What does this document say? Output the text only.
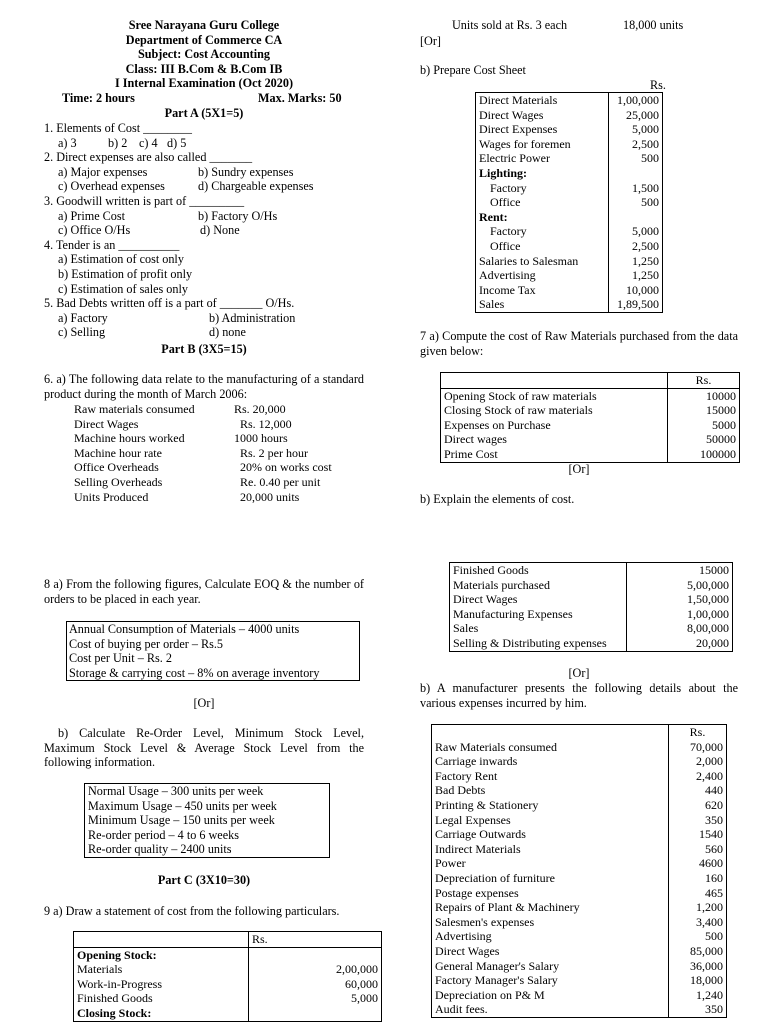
Sree Narayana Guru College

Department of Commerce CA

Subject: Cost Accounting

Class: III B.Com & B.Com IB

I Internal Examination (Oct 2020)

Time: 2 hours	Max. Marks: 50
Part A (5X1=5)

1. Elements of Cost ________

a) 3	b) 2 c) 4 d) 5

2. Direct expenses are also called _______

a) Major expenses	b) Sundry expenses

c) Overhead expenses	d) Chargeable expenses

3. Goodwill written is part of _________

a) Prime Cost	b) Factory O/Hs

c) Office O/Hs	d) None

4. Tender is an __________

a) Estimation of cost only

b) Estimation of profit only

c) Estimation of sales only

5. Bad Debts written off is a part of _______ O/Hs.

a) Factory	b) Administration

c) Selling	d) none

Part B (3X5=15)

6. a) The following data relate to the manufacturing of a standard product during the month of March 2006:

Raw materials consumed	Rs. 20,000
Direct Wages	Rs. 12,000
Machine hours worked	1000 hours
Machine hour rate	Rs. 2 per hour
Office Overheads	20% on works cost
Selling Overheads	Re. 0.40 per unit
Units Produced	20,000 units

8 a) From the following figures, Calculate EOQ & the number of orders to be placed in each year.

Annual Consumption of Materials – 4000 units

Cost of buying per order – Rs.5

Cost per Unit – Rs. 2

Storage & carrying cost – 8% on average inventory

[Or]

b) Calculate Re-Order Level, Minimum Stock Level, Maximum Stock Level & Average Stock Level from the following information.

Normal Usage – 300 units per week

Maximum Usage – 450 units per week

Minimum Usage – 150 units per week

Re-order period – 4 to 6 weeks

Re-order quality – 2400 units

Part C (3X10=30)

9 a) Draw a statement of cost from the following particulars.

	Rs.
Opening Stock:	
Materials	2,00,000
Work-in-Progress	60,000
Finished Goods	5,000
Closing Stock:	
Units sold at Rs. 3 each	18,000 units
[Or]

b) Prepare Cost Sheet

Rs.
Direct Materials	1,00,000
Direct Wages	25,000
Direct Expenses	5,000
Wages for foremen	2,500
Electric Power	500
Lighting:	
Factory	1,500
Office	500
Rent:	
Factory	5,000
Office	2,500
Salaries to Salesman	1,250
Advertising	1,250
Income Tax	10,000
Sales	1,89,500

7 a) Compute the cost of Raw Materials purchased from the data given below:

	Rs.
Opening Stock of raw materials	10000
Closing Stock of raw materials	15000
Expenses on Purchase	5000
Direct wages	50000
Prime Cost	100000
[Or]

b) Explain the elements of cost.

Finished Goods	15000
Materials purchased	5,00,000
Direct Wages	1,50,000
Manufacturing Expenses	1,00,000
Sales	8,00,000
Selling & Distributing expenses	20,000
[Or]

b) A manufacturer presents the following details about the various expenses incurred by him.

	Rs.
Raw Materials consumed	70,000
Carriage inwards	2,000
Factory Rent	2,400
Bad Debts	440
Printing & Stationery	620
Legal Expenses	350
Carriage Outwards	1540
Indirect Materials	560
Power	4600
Depreciation of furniture	160
Postage expenses	465
Repairs of Plant & Machinery	1,200
Salesmen's expenses	3,400
Advertising	500
Direct Wages	85,000
General Manager's Salary	36,000
Factory Manager's Salary	18,000
Depreciation on P& M	1,240
Audit fees.	350
